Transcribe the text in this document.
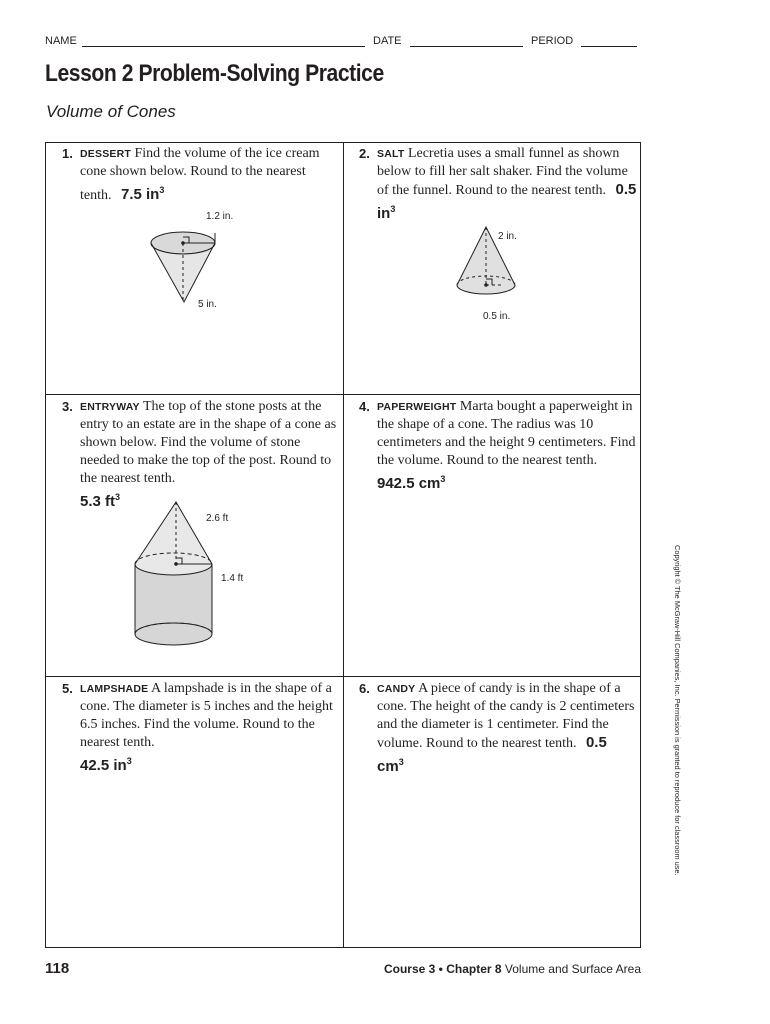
NAME	DATE	PERIOD
Lesson 2 Problem-Solving Practice
Volume of Cones
1. DESSERT Find the volume of the ice cream cone shown below. Round to the nearest tenth. 7.5 $in^3$
1.2 in.
5 in.
2. SALT Lecretia uses a small funnel as shown below to fill her salt shaker. Find the volume of the funnel. Round to the nearest tenth. 0.5 $in^3$
2 in.
0.5 in.
3. ENTRYWAY The top of the stone posts at the entry to an estate are in the shape of a cone as shown below. Find the volume of stone needed to make the top of the post. Round to the nearest tenth.
5.3 $ft^3$
2.6 ft
1.4 ft
4. PAPERWEIGHT Marta bought a paperweight in the shape of a cone. The radius was 10 centimeters and the height 9 centimeters. Find the volume. Round to the nearest tenth.
942.5 $cm^3$
5. LAMPSHADE A lampshade is in the shape of a cone. The diameter is 5 inches and the height 6.5 inches. Find the volume. Round to the nearest tenth.
42.5 $in^3$
6. CANDY A piece of candy is in the shape of a cone. The height of the candy is 2 centimeters and the diameter is 1 centimeter. Find the volume. Round to the nearest tenth. 0.5 $cm^3$	Copyright © The McGraw-Hill Companies, Inc. Permission is granted to reproduce for classroom use.
118	Course 3 • Chapter 8 Volume and Surface Area
